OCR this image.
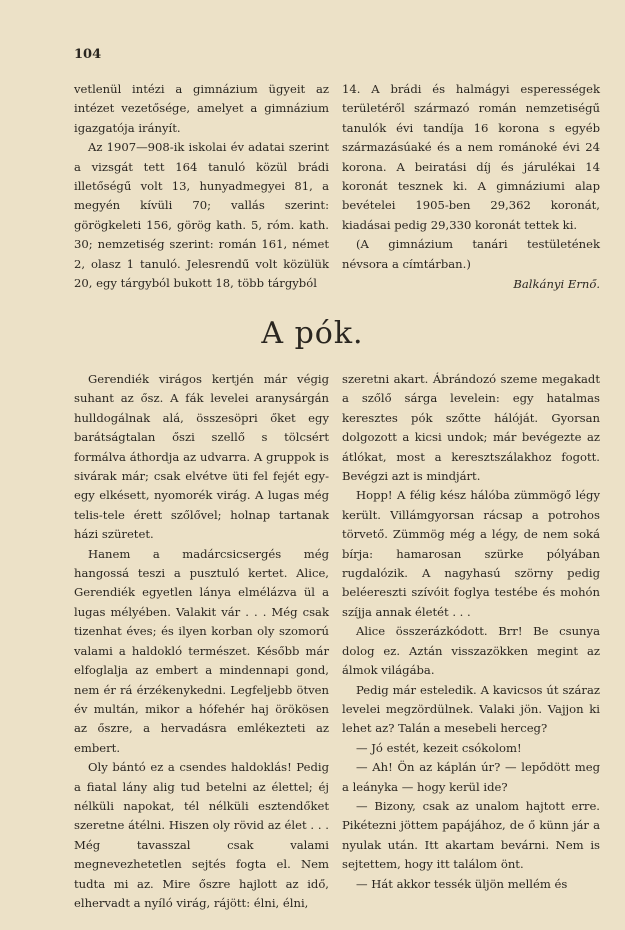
104

vetlenül intézi a gimnázium ügyeit az intézet vezetősége, amelyet a gimnázium igazgatója irányít.

Az 1907—908-ik iskolai év adatai szerint a vizsgát tett 164 tanuló közül brádi illetőségű volt 13, hunyadmegyei 81, a megyén kívüli 70; vallás szerint: görögkeleti 156, görög kath. 5, róm. kath. 30; nemzetiség szerint: román 161, német 2, olasz 1 tanuló. Jelesrendű volt közülük 20, egy tárgyból bukott 18, több tárgyból

14. A brádi és halmágyi esperességek területéről származó román nemzetiségű tanulók évi tandíja 16 korona s egyéb származásúaké és a nem románoké évi 24 korona. A beiratási díj és járulékai 14 koronát tesznek ki. A gimnáziumi alap bevételei 1905-ben 29,362 koronát, kiadásai pedig 29,330 koronát tettek ki.

(A gimnázium tanári testületének névsora a címtárban.)

Balkányi Ernő.

A pók.

Gerendiék virágos kertjén már végig suhant az ősz. A fák levelei aranysárgán hulldogálnak alá, összesöpri őket egy barátságtalan őszi szellő s tölcsért formálva áthordja az udvarra. A gruppok is sivárak már; csak elvétve üti fel fejét egy-egy elkésett, nyomorék virág. A lugas még telis-tele érett szőlővel; holnap tartanak házi szüretet.

Hanem a madárcsicsergés még hangossá teszi a pusztuló kertet. Alice, Gerendiék egyetlen lánya elmélázva ül a lugas mélyében. Valakit vár . . . Még csak tizenhat éves; és ilyen korban oly szomorú valami a haldokló természet. Később már elfoglalja az embert a mindennapi gond, nem ér rá érzékenykedni. Legfeljebb ötven év multán, mikor a hófehér haj örökösen az őszre, a hervadásra emlékezteti az embert.

Oly bántó ez a csendes haldoklás! Pedig a fiatal lány alig tud betelni az élettel; éj nélküli napokat, tél nélküli esztendőket szeretne átélni. Hiszen oly rövid az élet . . . Még tavasszal csak valami megnevezhetetlen sejtés fogta el. Nem tudta mi az. Mire őszre hajlott az idő, elhervadt a nyíló virág, rájött: élni, élni,

szeretni akart. Ábrándozó szeme megakadt a szőlő sárga levelein: egy hatalmas keresztes pók szőtte hálóját. Gyorsan dolgozott a kicsi undok; már bevégezte az átlókat, most a keresztszálakhoz fogott. Bevégzi azt is mindjárt.

Hopp! A félig kész hálóba zümmögő légy került. Villámgyorsan rácsap a potrohos törvető. Zümmög még a légy, de nem soká bírja: hamarosan szürke pólyában rugdalózik. A nagyhasú szörny pedig beléereszti szívóit foglya testébe és mohón szíjja annak életét . . .

Alice összerázkódott. Brr! Be csunya dolog ez. Aztán visszazökken megint az álmok világába.

Pedig már esteledik. A kavicsos út száraz levelei megzördülnek. Valaki jön. Vajjon ki lehet az? Talán a mesebeli herceg?

— Jó estét, kezeit csókolom!

— Ah! Ön az káplán úr? — lepődött meg a leányka — hogy kerül ide?

— Bizony, csak az unalom hajtott erre. Pikétezni jöttem papájához, de ő künn jár a nyulak után. Itt akartam bevárni. Nem is sejtettem, hogy itt találom önt.

— Hát akkor tessék üljön mellém és
